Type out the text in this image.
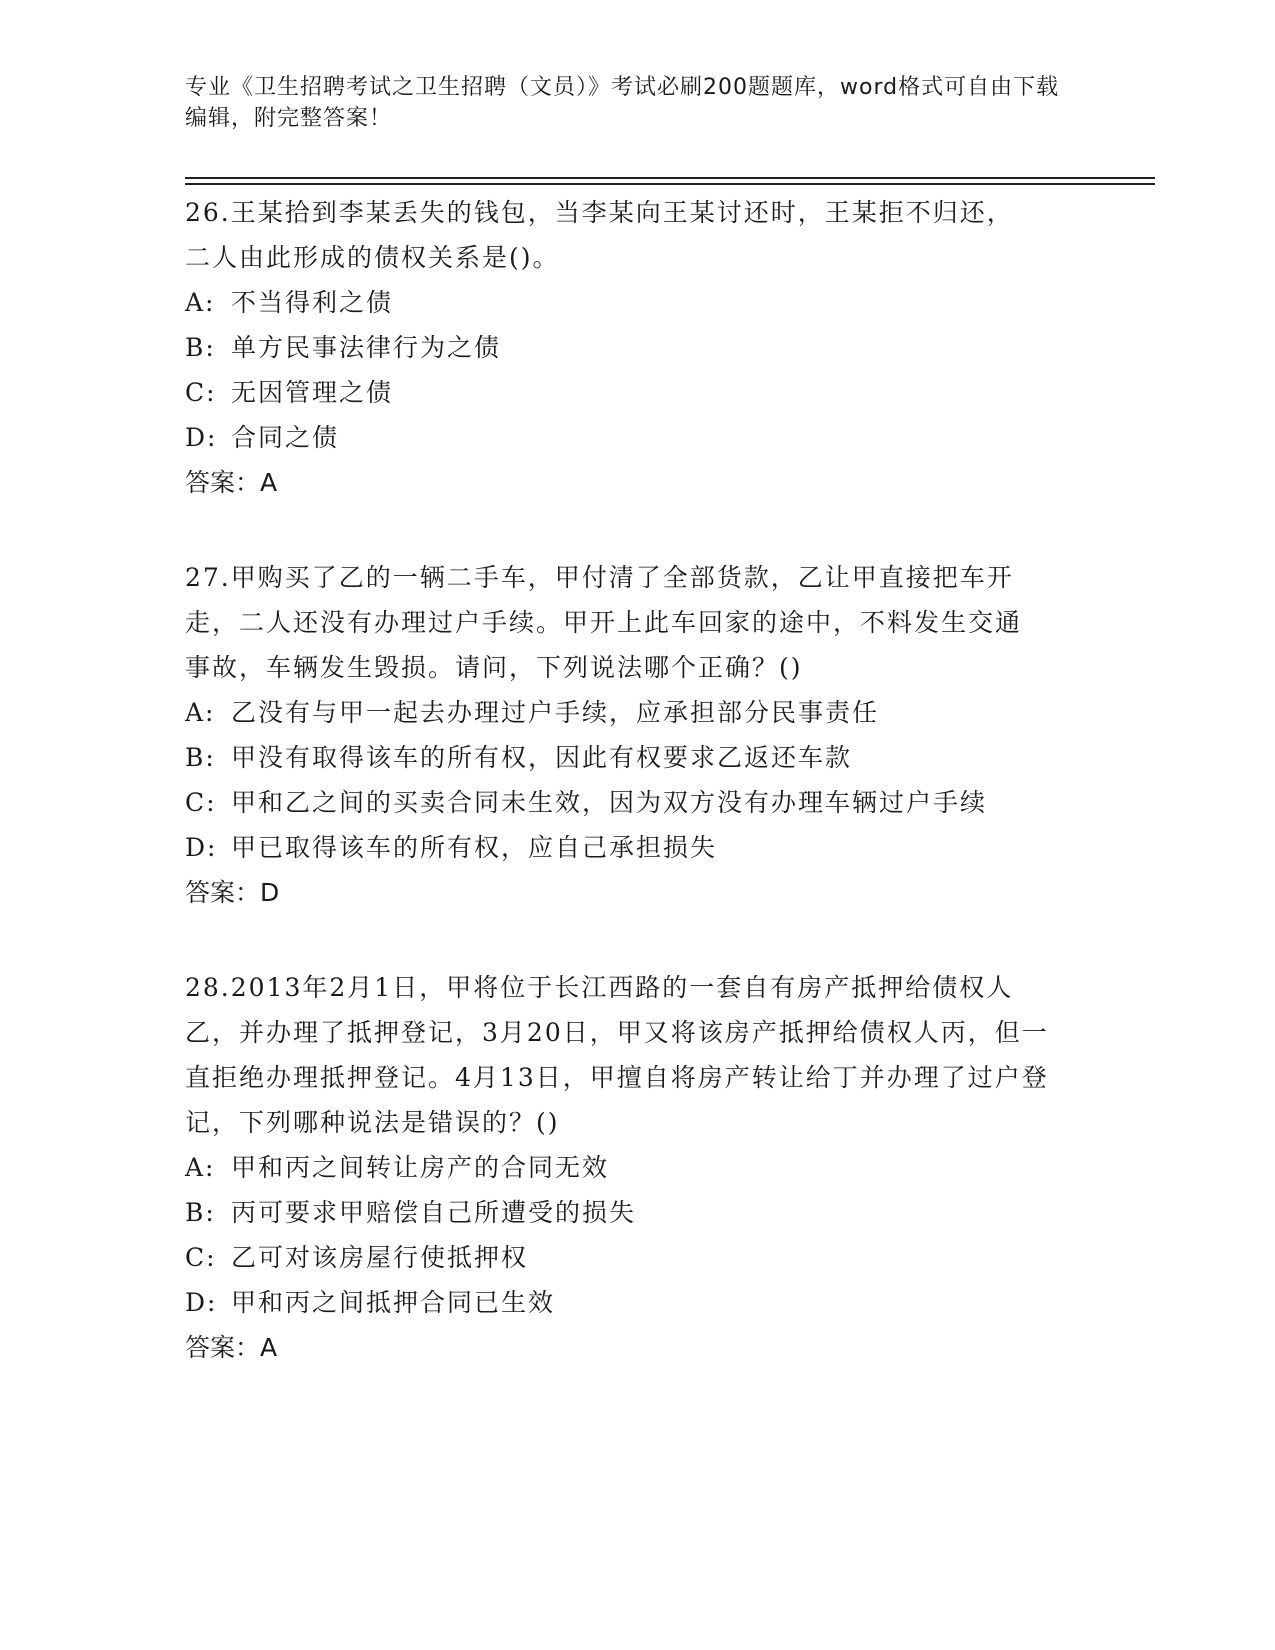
专业《卫生招聘考试之卫生招聘（文员）》考试必刷200题题库，word格式可自由下载编辑，附完整答案！

26.王某拾到李某丢失的钱包，当李某向王某讨还时，王某拒不归还，二人由此形成的债权关系是()。

A: 不当得利之债

B: 单方民事法律行为之债

C: 无因管理之债

D: 合同之债

答案：A

27.甲购买了乙的一辆二手车，甲付清了全部货款，乙让甲直接把车开走，二人还没有办理过户手续。甲开上此车回家的途中，不料发生交通事故，车辆发生毁损。请问，下列说法哪个正确？()

A: 乙没有与甲一起去办理过户手续，应承担部分民事责任

B: 甲没有取得该车的所有权，因此有权要求乙返还车款

C: 甲和乙之间的买卖合同未生效，因为双方没有办理车辆过户手续

D: 甲已取得该车的所有权，应自己承担损失

答案：D

28.2013年2月1日，甲将位于长江西路的一套自有房产抵押给债权人乙，并办理了抵押登记，3月20日，甲又将该房产抵押给债权人丙，但一直拒绝办理抵押登记。4月13日，甲擅自将房产转让给丁并办理了过户登记，下列哪种说法是错误的？()

A: 甲和丙之间转让房产的合同无效

B: 丙可要求甲赔偿自己所遭受的损失

C: 乙可对该房屋行使抵押权

D: 甲和丙之间抵押合同已生效

答案：A
